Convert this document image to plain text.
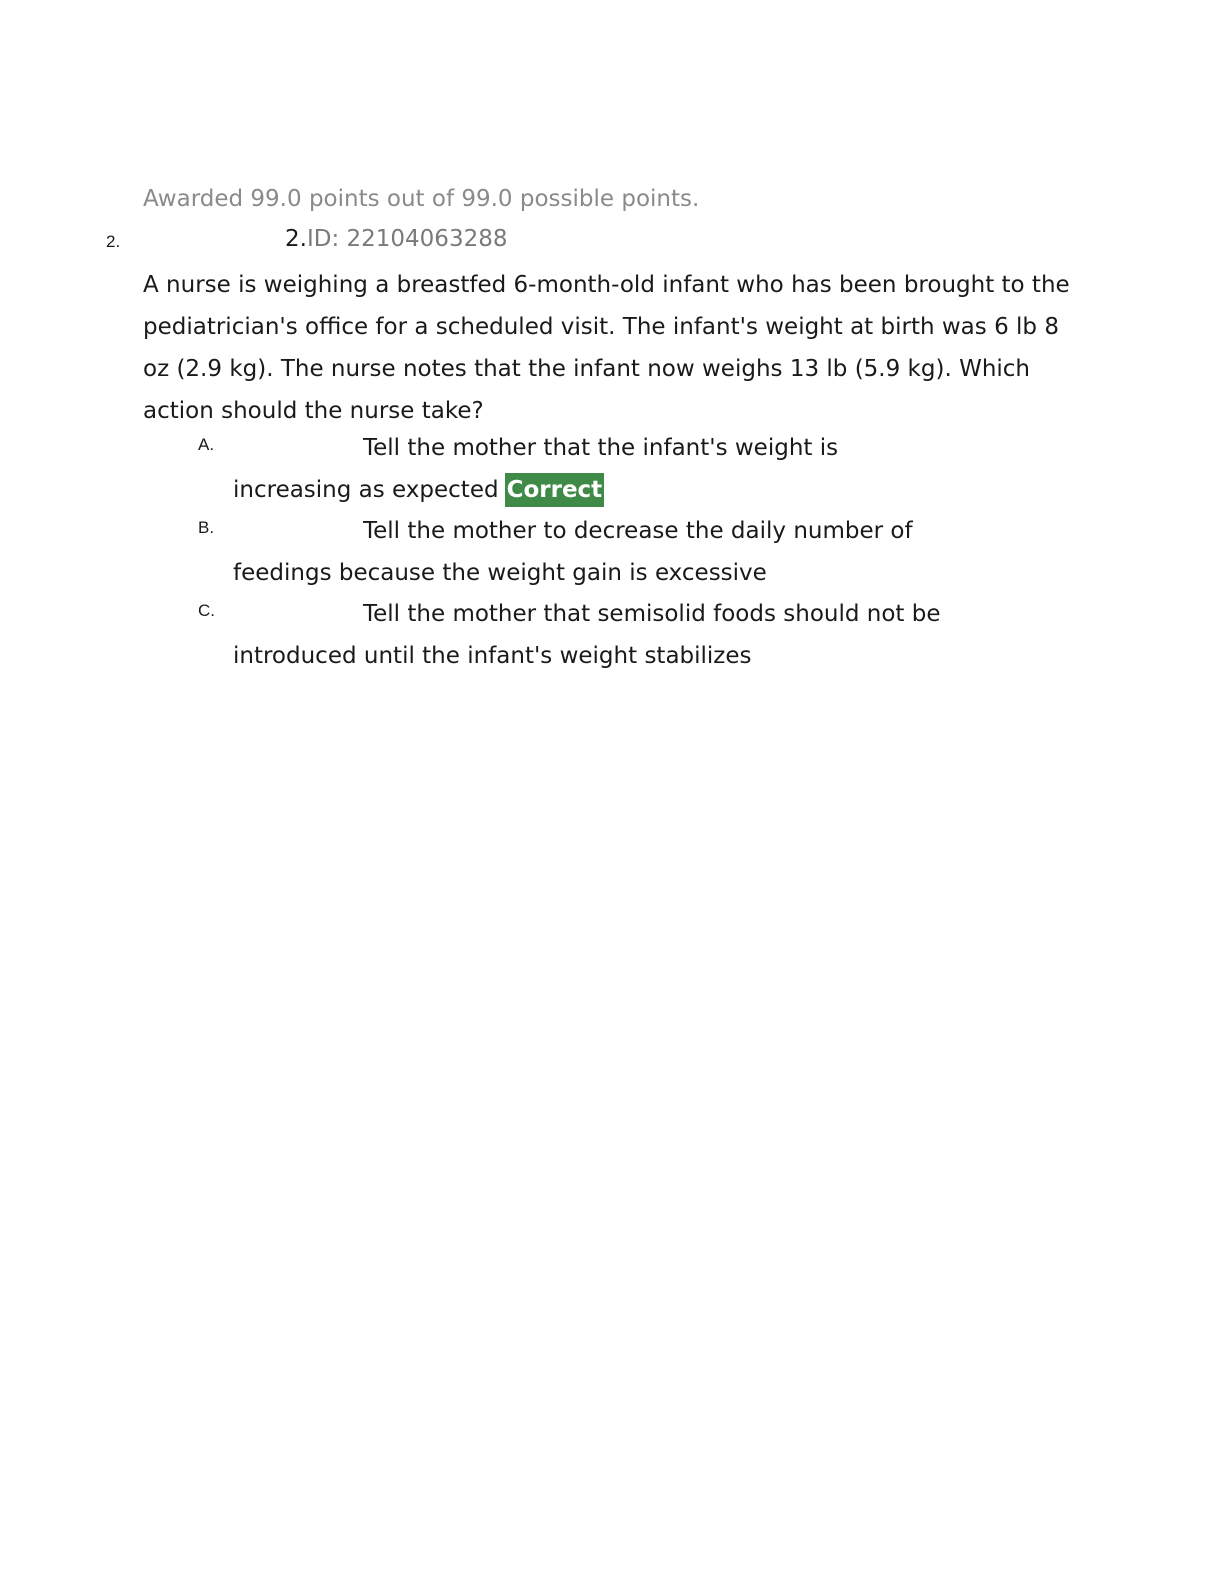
Awarded 99.0 points out of 99.0 possible points.
2.	2.ID: 22104063288
A nurse is weighing a breastfed 6-month-old infant who has been brought to the pediatrician's office for a scheduled visit. The infant's weight at birth was 6 lb 8 oz (2.9 kg). The nurse notes that the infant now weighs 13 lb (5.9 kg). Which action should the nurse take?
A.	Tell the mother that the infant's weight is
increasing as expected Correct
B.	Tell the mother to decrease the daily number of
feedings because the weight gain is excessive
C.	Tell the mother that semisolid foods should not be
introduced until the infant's weight stabilizes
